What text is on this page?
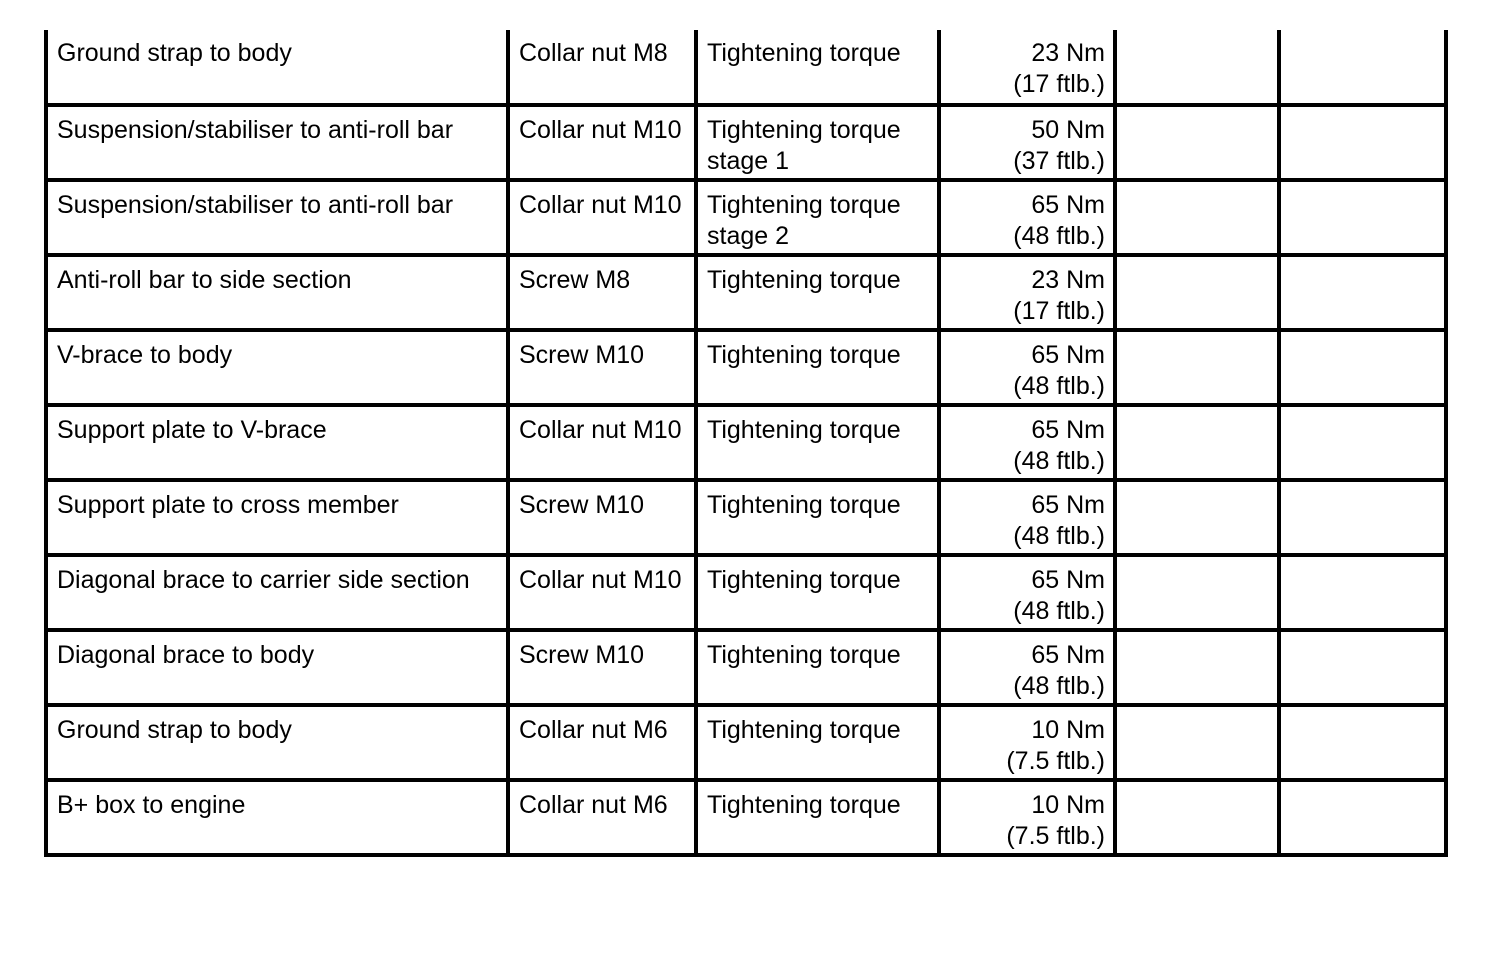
Ground strap to body	Collar nut M8	Tightening torque	23 Nm
(17 ftlb.)		

Suspension/stabiliser to anti-roll bar	Collar nut M10	Tightening torque stage 1	50 Nm
(37 ftlb.)		

Suspension/stabiliser to anti-roll bar	Collar nut M10	Tightening torque stage 2	65 Nm
(48 ftlb.)		

Anti-roll bar to side section	Screw M8	Tightening torque	23 Nm
(17 ftlb.)		

V-brace to body	Screw M10	Tightening torque	65 Nm
(48 ftlb.)		

Support plate to V-brace	Collar nut M10	Tightening torque	65 Nm
(48 ftlb.)		

Support plate to cross member	Screw M10	Tightening torque	65 Nm
(48 ftlb.)		

Diagonal brace to carrier side section	Collar nut M10	Tightening torque	65 Nm
(48 ftlb.)		

Diagonal brace to body	Screw M10	Tightening torque	65 Nm
(48 ftlb.)		

Ground strap to body	Collar nut M6	Tightening torque	10 Nm
(7.5 ftlb.)		

B+ box to engine	Collar nut M6	Tightening torque	10 Nm
(7.5 ftlb.)		
